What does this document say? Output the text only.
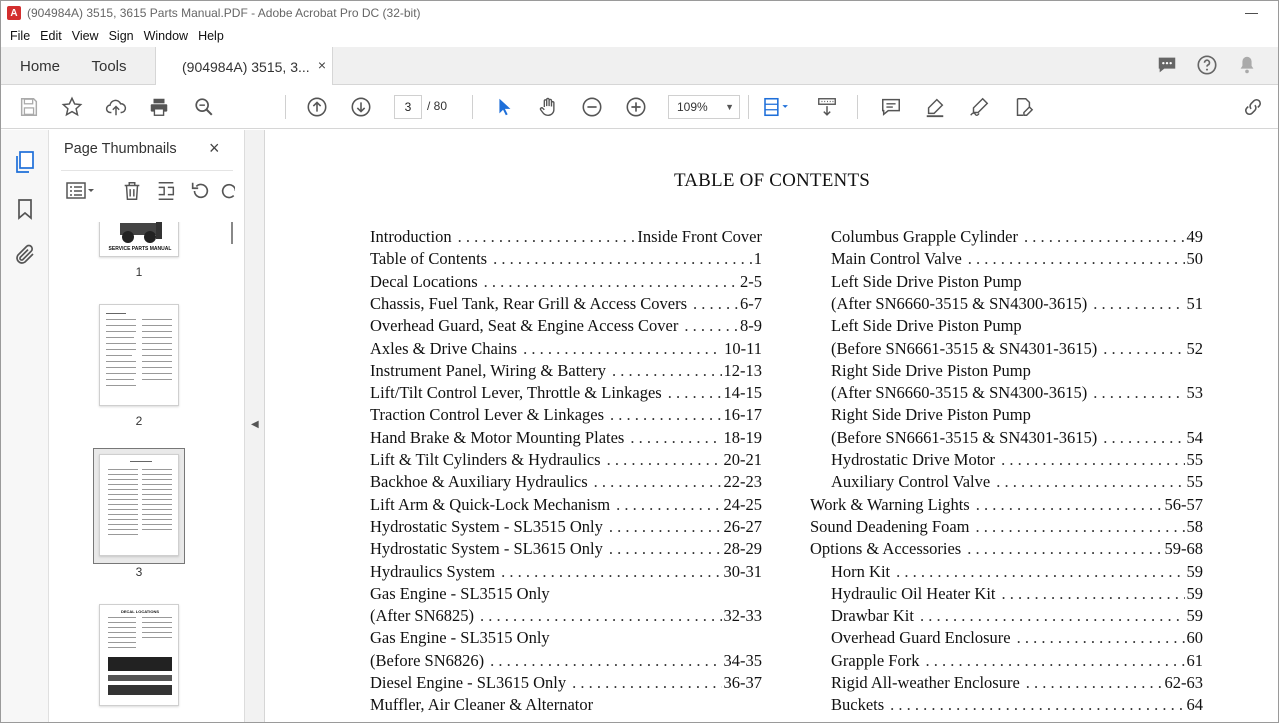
A (904984A) 3515, 3615 Parts Manual.PDF - Adobe Acrobat Pro DC (32-bit)	—
File Edit View Sign Window Help
Home	Tools	(904984A) 3515, 3... ×
3	/ 80	109% ▼
Page Thumbnails ×
SERVICE PARTS MANUAL
1
2
3
DECAL LOCATIONS
◀
TABLE OF CONTENTS
Introduction . . .	Inside Front Cover
Table of Contents . . .	1
Decal Locations . . .	2-5
Chassis, Fuel Tank, Rear Grill & Access Covers . . .	6-7
Overhead Guard, Seat & Engine Access Cover . . .	8-9
Axles & Drive Chains . . .	10-11
Instrument Panel, Wiring & Battery . . .	12-13
Lift/Tilt Control Lever, Throttle & Linkages . . .	14-15
Traction Control Lever & Linkages . . .	16-17
Hand Brake & Motor Mounting Plates . . .	18-19
Lift & Tilt Cylinders & Hydraulics . . .	20-21
Backhoe & Auxiliary Hydraulics . . .	22-23
Lift Arm & Quick-Lock Mechanism . . .	24-25
Hydrostatic System - SL3515 Only . . .	26-27
Hydrostatic System - SL3615 Only . . .	28-29
Hydraulics System . . .	30-31
Gas Engine - SL3515 Only
(After SN6825) . . .	32-33
Gas Engine - SL3515 Only
(Before SN6826) . . .	34-35
Diesel Engine - SL3615 Only . . .	36-37
Muffler, Air Cleaner & Alternator
Columbus Grapple Cylinder . . .	49
Main Control Valve . . .	50
Left Side Drive Piston Pump
(After SN6660-3515 & SN4300-3615) . . .	51
Left Side Drive Piston Pump
(Before SN6661-3515 & SN4301-3615) . . .	52
Right Side Drive Piston Pump
(After SN6660-3515 & SN4300-3615) . . .	53
Right Side Drive Piston Pump
(Before SN6661-3515 & SN4301-3615) . . .	54
Hydrostatic Drive Motor . . .	55
Auxiliary Control Valve . . .	55
Work & Warning Lights . . .	56-57
Sound Deadening Foam . . .	58
Options & Accessories . . .	59-68
Horn Kit . . .	59
Hydraulic Oil Heater Kit . . .	59
Drawbar Kit . . .	59
Overhead Guard Enclosure . . .	60
Grapple Fork . . .	61
Rigid All-weather Enclosure . . .	62-63
Buckets . . .	64
